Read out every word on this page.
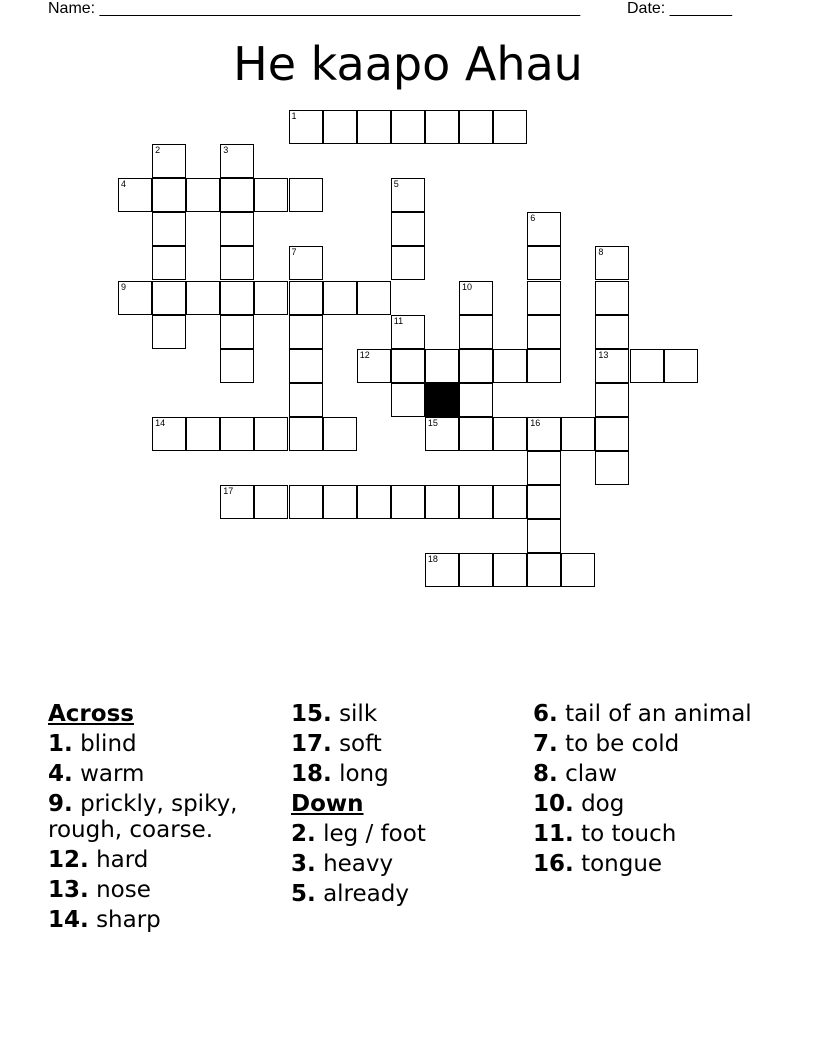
Name: ______________________________________________________	Date: _______
He kaapo Ahau
1
2	3
4	5
6
7	8
9	10
11
12	13
14	15	16
17
18
Across
1. blind
4. warm
9. prickly, spiky, rough, coarse.
12. hard
13. nose
14. sharp
15. silk
17. soft
18. long
Down
2. leg / foot
3. heavy
5. already
6. tail of an animal
7. to be cold
8. claw
10. dog
11. to touch
16. tongue
